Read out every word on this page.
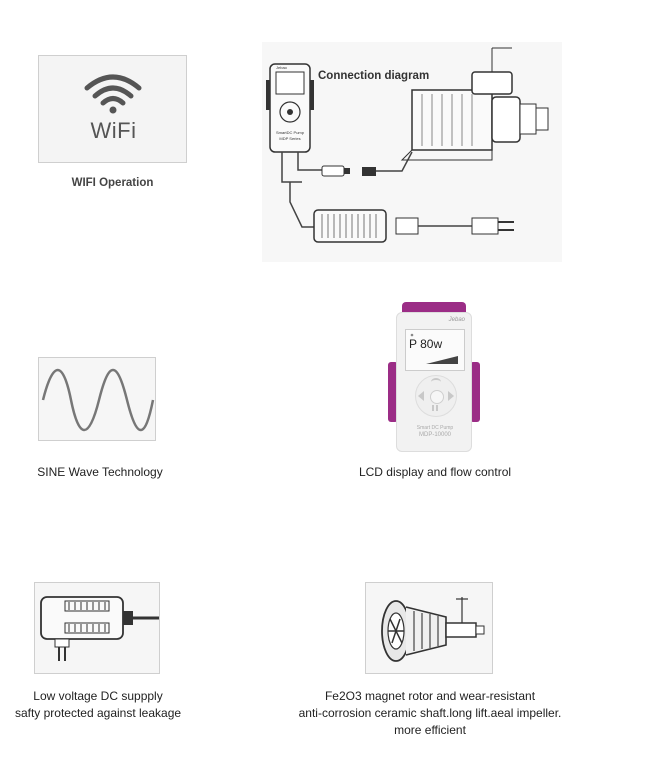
WiFi
WIFI Operation
Connection diagram
Jebao
SmartDC Pump
MDP Series
SINE Wave Technology
Jebao
P 80w
Smart DC Pump
MDP-10000
LCD display and flow control
Low voltage DC suppply
safty protected against leakage
Fe2O3 magnet rotor and wear-resistant
anti-corrosion ceramic shaft.long lift.aeal impeller.
more efficient
